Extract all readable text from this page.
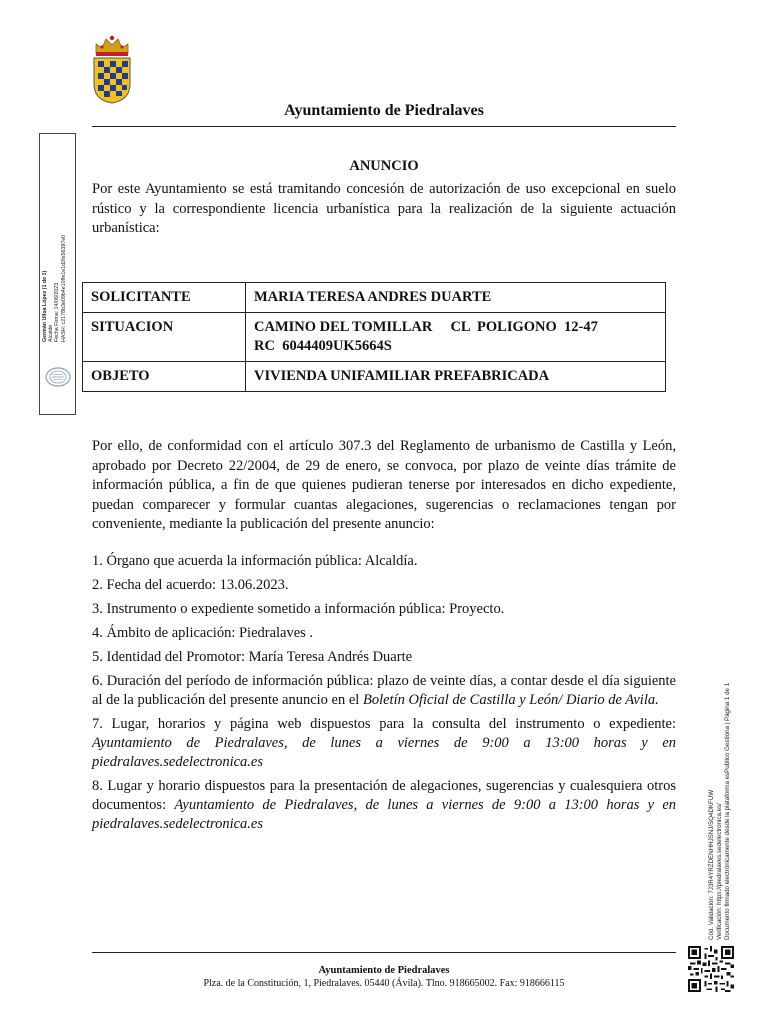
Ayuntamiento de Piedralaves
Germán Ulloa López (1 de 1) Alcalde Fecha Firma: 14/06/2023 HASH: c2178b3e09b4e10ffe1e1d2fe56397e0
ANUNCIO
Por este Ayuntamiento se está tramitando concesión de autorización de uso excepcional en suelo rústico y la correspondiente licencia urbanística para la realización de la siguiente actuación urbanística:
SOLICITANTE	MARIA TERESA ANDRES DUARTE
SITUACION	CAMINO DEL TOMILLAR     CL  POLIGONO  12-47
RC  6044409UK5664S

OBJETO	VIVIENDA UNIFAMILIAR PREFABRICADA
Por ello, de conformidad con el artículo 307.3 del Reglamento de urbanismo de Castilla y León, aprobado por Decreto 22/2004, de 29 de enero, se convoca, por plazo de veinte días trámite de información pública, a fin de que quienes pudieran tenerse por interesados en dicho expediente, puedan comparecer y formular cuantas alegaciones, sugerencias o reclamaciones tengan por conveniente, mediante la publicación del presente anuncio:
1. Órgano que acuerda la información pública: Alcaldía.
2. Fecha del acuerdo: 13.06.2023.
3. Instrumento o expediente sometido a información pública: Proyecto.
4. Ámbito de aplicación: Piedralaves .
5. Identidad del Promotor: María Teresa Andrés Duarte
6. Duración del período de información pública: plazo de veinte días, a contar desde el día siguiente al de la publicación del presente anuncio en el Boletín Oficial de Castilla y León/ Diario de Avila.
7. Lugar, horarios y página web dispuestos para la consulta del instrumento o expediente: Ayuntamiento de Piedralaves, de lunes a viernes de 9:00 a 13:00 horas y en piedralaves.sedelectronica.es
8. Lugar y horario dispuestos para la presentación de alegaciones, sugerencias y cualesquiera otros documentos: Ayuntamiento de Piedralaves, de lunes a viernes de 9:00 a 13:00 horas y en piedralaves.sedelectronica.es	Cód. Validación: 7J3R4YRZDENHHJSNJ/SQ4DKFUW Verificación: https://piedralaves.sedelectronica.es/ Documento firmado electrónicamente desde la plataforma esPublico Gestiona | Página 1 de 1
Ayuntamiento de Piedralaves
Plza. de la Constitución, 1, Piedralaves. 05440 (Ávila). Tlno. 918665002. Fax: 918666115
